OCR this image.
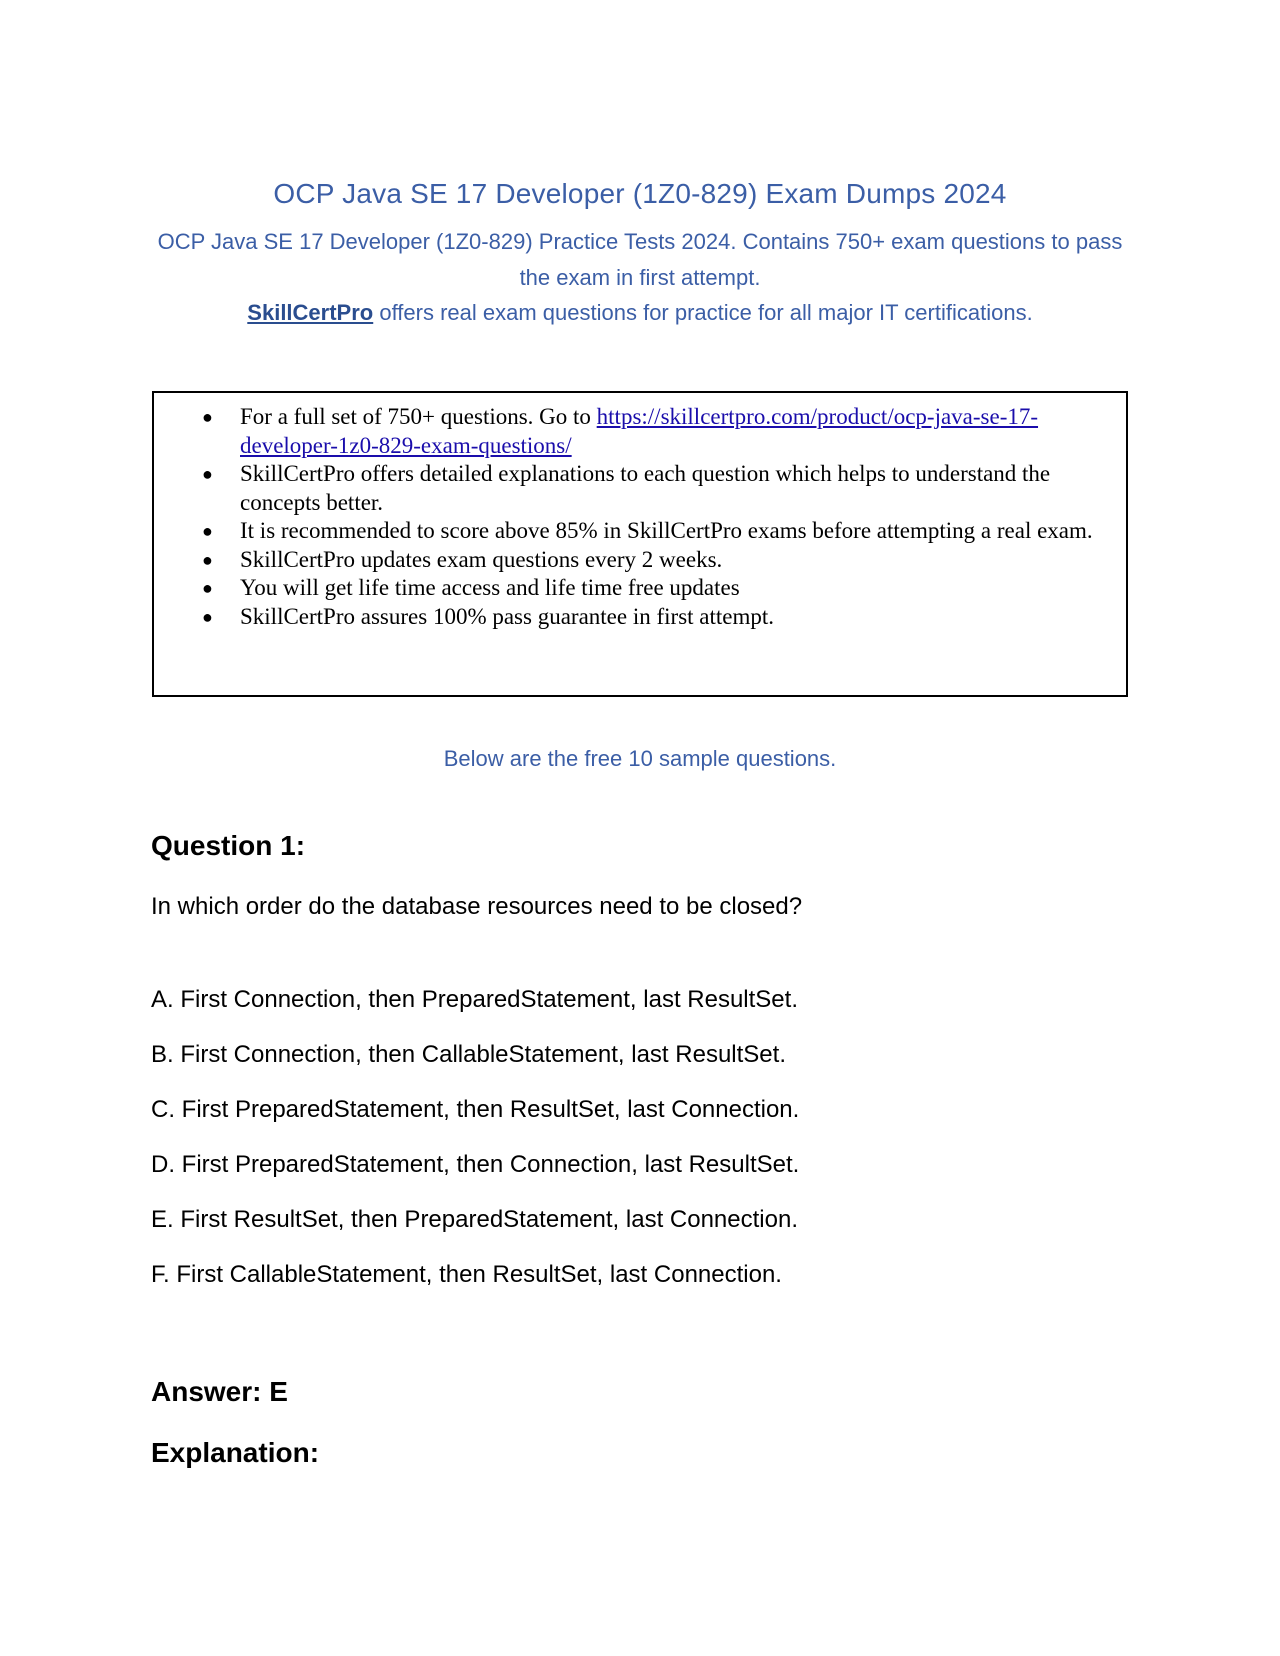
OCP Java SE 17 Developer (1Z0-829) Exam Dumps 2024
OCP Java SE 17 Developer (1Z0-829) Practice Tests 2024. Contains 750+ exam questions to pass the exam in first attempt.
SkillCertPro offers real exam questions for practice for all major IT certifications.
● For a full set of 750+ questions. Go to https://skillcertpro.com/product/ocp-java-se-17-developer-1z0-829-exam-questions/
● SkillCertPro offers detailed explanations to each question which helps to understand the concepts better.
● It is recommended to score above 85% in SkillCertPro exams before attempting a real exam.
● SkillCertPro updates exam questions every 2 weeks.
● You will get life time access and life time free updates
● SkillCertPro assures 100% pass guarantee in first attempt.
Below are the free 10 sample questions.
Question 1:
In which order do the database resources need to be closed?
A. First Connection, then PreparedStatement, last ResultSet.
B. First Connection, then CallableStatement, last ResultSet.
C. First PreparedStatement, then ResultSet, last Connection.
D. First PreparedStatement, then Connection, last ResultSet.
E. First ResultSet, then PreparedStatement, last Connection.
F. First CallableStatement, then ResultSet, last Connection.
Answer: E
Explanation:
